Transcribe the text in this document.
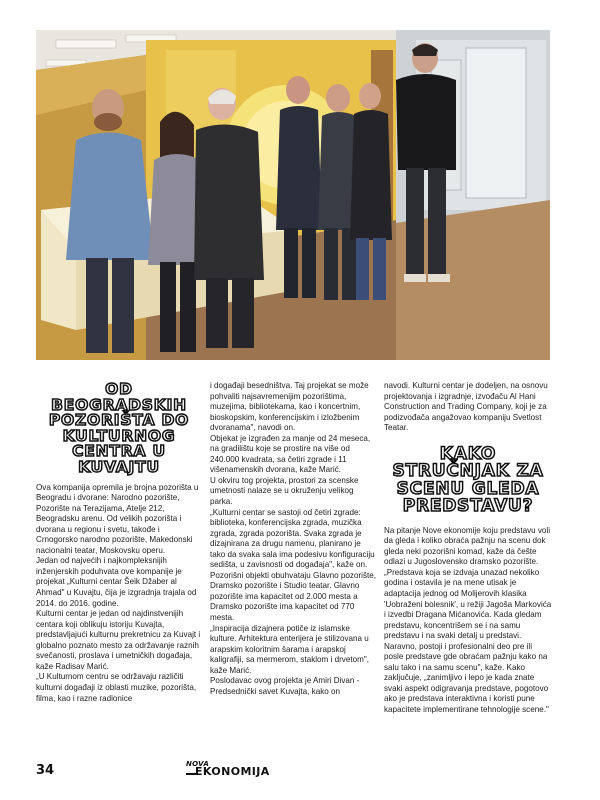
OD BEOGRADSKIH POZORIŠTA DO KULTURNOG CENTRA U KUVAJTU

Ova kompanija opremila je brojna pozorišta u Beogradu i dvorane: Narodno pozorište, Pozorište na Terazijama, Atelje 212, Beogradsku arenu. Od velikih pozorišta i dvorana u regionu i svetu, takođe i Crnogorsko narodno pozorište, Makedonski nacionalni teatar, Moskovsku operu.

Jedan od najvećih i najkompleksnijih inženjerskih poduhvata ove kompanije je projekat „Kulturni centar Šeik Džaber al Ahmad" u Kuvajtu, čija je izgradnja trajala od 2014. do 2016. godine.

Kulturni centar je jedan od najdinstvenijih centara koji oblikuju istoriju Kuvajta, predstavljajući kulturnu prekretnicu za Kuvajt i globalno poznato mesto za održavanje raznih svečanosti, proslava i umetničkih događaja, kaže Radisav Marić.

„U Kulturnom centru se održavaju različiti kulturni događaji iz oblasti muzike, pozorišta, filma, kao i razne radionice

i događaji besedništva. Taj projekat se može pohvaliti najsavremenijim pozorištima, muzejima, bibliotekama, kao i koncertnim, bioskopskim, konferencijskim i izložbenim dvoranama", navodi on.

Objekat je izgrađen za manje od 24 meseca, na gradilištu koje se prostire na više od 240.000 kvadrata, sa četiri zgrade i 11 višenamenskih dvorana, kaže Marić.

U okviru tog projekta, prostori za scenske umetnosti nalaze se u okruženju velikog parka.

„Kulturni centar se sastoji od četiri zgrade: biblioteka, konferencijska zgrada, muzička zgrada, zgrada pozorišta. Svaka zgrada je dizajnirana za drugu namenu, planirano je tako da svaka sala ima podesivu konfiguraciju sedišta, u zavisnosti od događaja", kaže on.

Pozorišni objekti obuhvataju Glavno pozorište, Dramsko pozorište i Studio teatar. Glavno pozorište ima kapacitet od 2.000 mesta a Dramsko pozorište ima kapacitet od 770 mesta.

„Inspiracija dizajnera potiče iz islamske kulture. Arhitektura enterijera je stilizovana u arapskim koloritnim šarama i arapskoj kaligrafiji, sa mermerom, staklom i drvetom", kaže Marić.

Poslodavac ovog projekta je Amiri Divan - Predsednički savet Kuvajta, kako on

navodi. Kulturni centar je dodeljen, na osnovu projektovanja i izgradnje, izvođaču Al Hani Construction and Trading Company, koji je za podizvođača angažovao kompaniju Svetlost Teatar.

KAKO STRUČNJAK ZA SCENU GLEDA PREDSTAVU?

Na pitanje Nove ekonomije koju predstavu voli da gleda i koliko obraća pažnju na scenu dok gleda neki pozorišni komad, kaže da češte odlazi u Jugoslovensko dramsko pozorište.

„Predstava koja se izdvaja unazad nekoliko godina i ostavila je na mene utisak je adaptacija jednog od Molijerovih klasika 'Uobraženi bolesnik', u režiji Jagoša Markovića i izvedbi Dragana Mićanovića. Kada gledam predstavu, koncentrišem se i na samu predstavu i na svaki detalj u predstavi. Naravno, postoji i profesionalni deo pre ili posle predstave gde obraćam pažnju kako na salu tako i na samu scenu", kaže. Kako zaključuje, „zanimljivo i lepo je kada znate svaki aspekt odigravanja predstave, pogotovo ako je predstava interaktivna i koristi pune kapacitete implementirane tehnologije scene."

34	NOVA
EKONOMIJA
